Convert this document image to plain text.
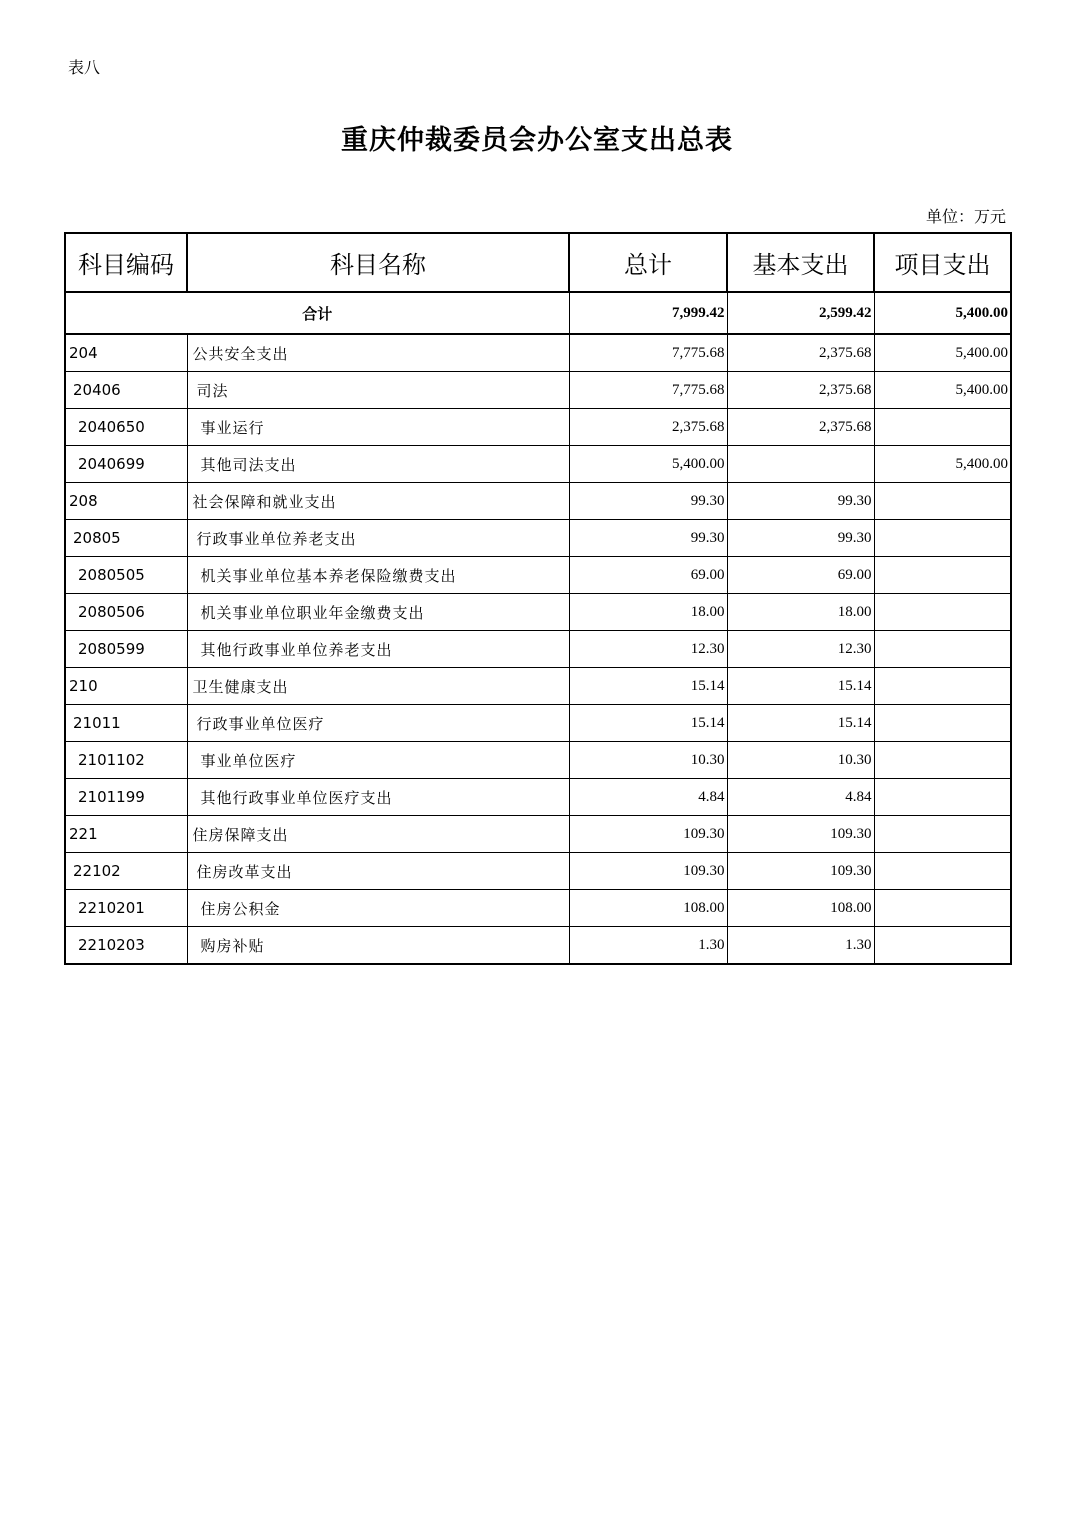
表八
重庆仲裁委员会办公室支出总表
单位：万元
科目编码	科目名称	总计	基本支出	项目支出
合计		7,999.42	2,599.42	5,400.00
204	公共安全支出	7,775.68	2,375.68	5,400.00
20406	司法	7,775.68	2,375.68	5,400.00
2040650	事业运行	2,375.68	2,375.68	
2040699	其他司法支出	5,400.00		5,400.00
208	社会保障和就业支出	99.30	99.30	
20805	行政事业单位养老支出	99.30	99.30	
2080505	机关事业单位基本养老保险缴费支出	69.00	69.00	
2080506	机关事业单位职业年金缴费支出	18.00	18.00	
2080599	其他行政事业单位养老支出	12.30	12.30	
210	卫生健康支出	15.14	15.14	
21011	行政事业单位医疗	15.14	15.14	
2101102	事业单位医疗	10.30	10.30	
2101199	其他行政事业单位医疗支出	4.84	4.84	
221	住房保障支出	109.30	109.30	
22102	住房改革支出	109.30	109.30	
2210201	住房公积金	108.00	108.00	
2210203	购房补贴	1.30	1.30	
